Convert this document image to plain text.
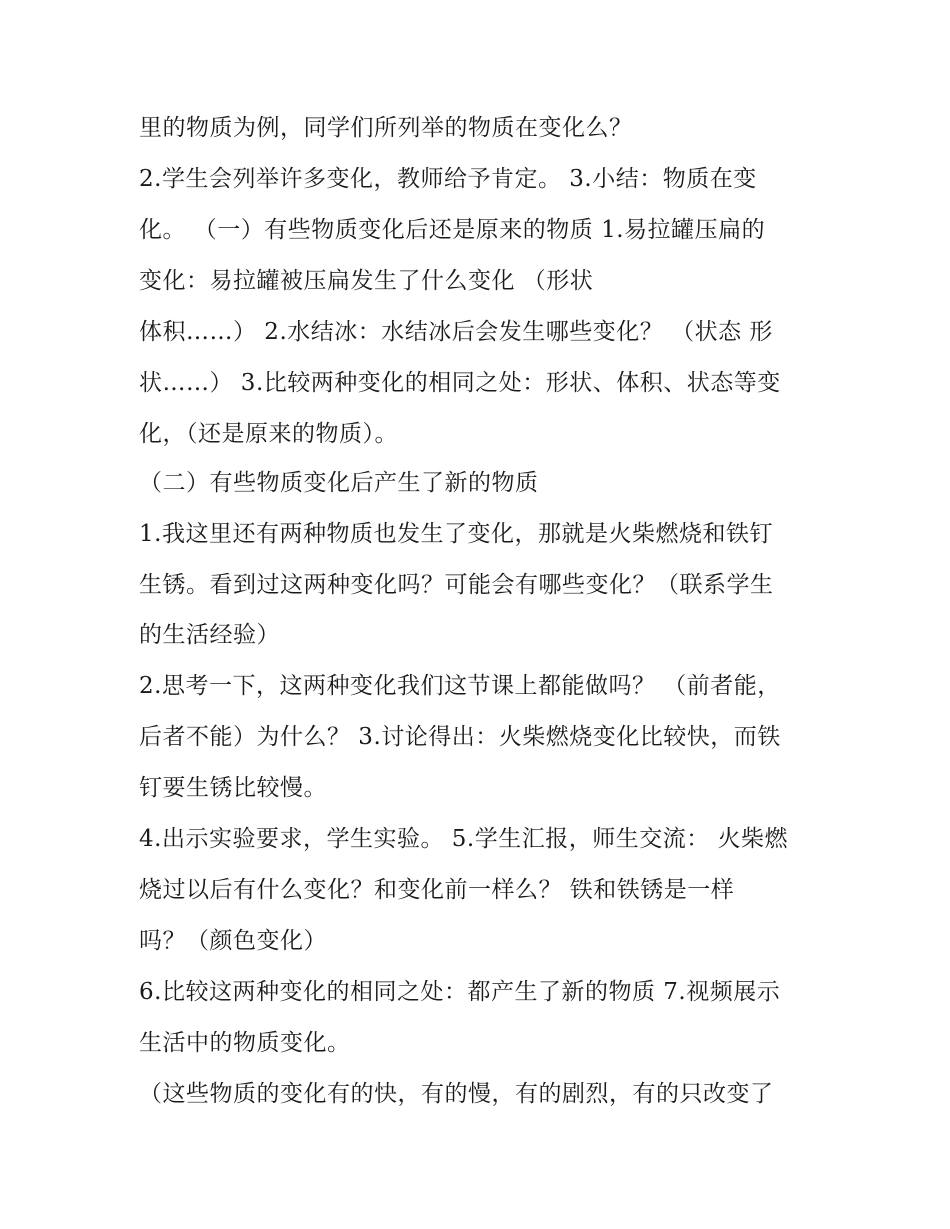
里的物质为例，同学们所列举的物质在变化么？
2.学生会列举许多变化，教师给予肯定。 3.小结：物质在变
化。 （一）有些物质变化后还是原来的物质 1.易拉罐压扁的
变化：易拉罐被压扁发生了什么变化 （形状
体积……） 2.水结冰：水结冰后会发生哪些变化？ （状态 形
状……） 3.比较两种变化的相同之处：形状、体积、状态等变
化，（还是原来的物质）。
（二）有些物质变化后产生了新的物质
1.我这里还有两种物质也发生了变化，那就是火柴燃烧和铁钉
生锈。看到过这两种变化吗？可能会有哪些变化？（联系学生
的生活经验）
2.思考一下，这两种变化我们这节课上都能做吗？ （前者能，
后者不能）为什么？ 3.讨论得出：火柴燃烧变化比较快，而铁
钉要生锈比较慢。
4.出示实验要求，学生实验。 5.学生汇报，师生交流： 火柴燃
烧过以后有什么变化？和变化前一样么？ 铁和铁锈是一样
吗？（颜色变化）
6.比较这两种变化的相同之处：都产生了新的物质 7.视频展示
生活中的物质变化。
（这些物质的变化有的快，有的慢，有的剧烈，有的只改变了
